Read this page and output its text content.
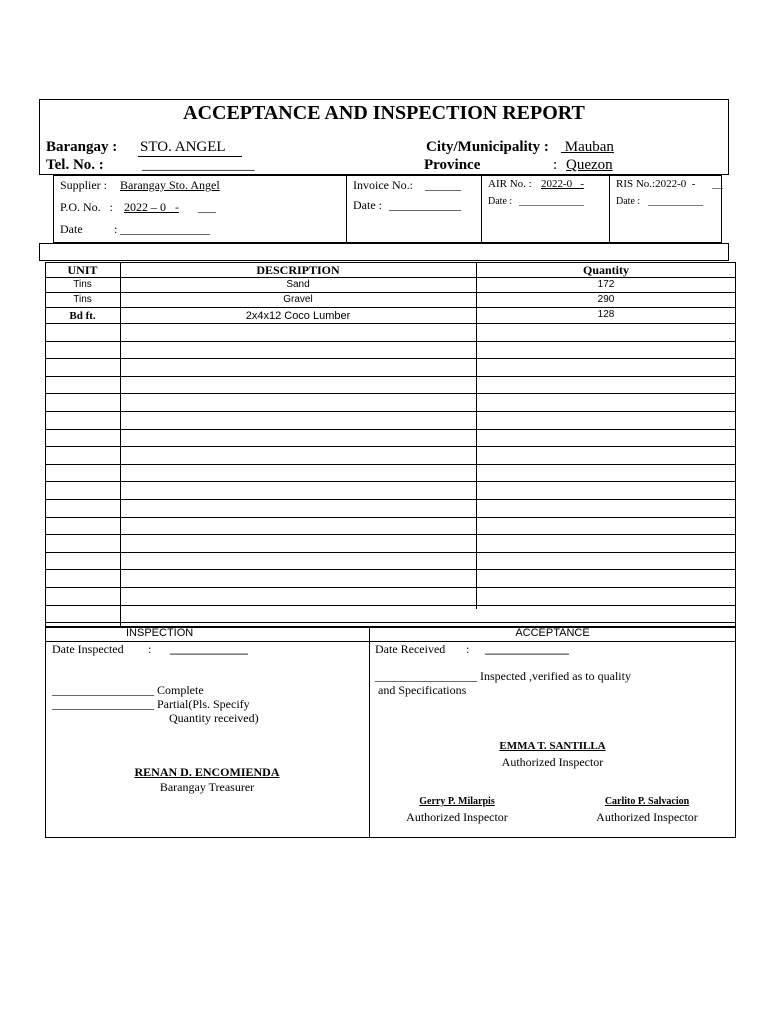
ACCEPTANCE AND INSPECTION REPORT
Barangay : STO. ANGEL	City/Municipality : Mauban
Tel. No. :	_______________	Province	: Quezon
Supplier : Barangay Sto. Angel
P.O. No.   : 2022 – 0   - ___
Date	: _______________
Invoice No.: ______
Date : ____________
AIR No. : 2022-0   -
Date : _____________
RIS No.:2022-0  - __
Date : ___________
UNIT	DESCRIPTION	Quantity
Tins	Sand	172
Tins	Gravel	290
Bd ft.	2x4x12 Coco Lumber	128
INSPECTION	ACCEPTANCE
Date Inspected : _____________
_________________ Complete
_________________ Partial(Pls. Specify
Quantity received)
RENAN D. ENCOMIENDA
Barangay Treasurer
Date Received : ______________
_________________ Inspected ,verified as to quality
and Specifications
EMMA T. SANTILLA
Authorized Inspector
Gerry P. Milarpis
Authorized Inspector
Carlito P. Salvacion
Authorized Inspector
